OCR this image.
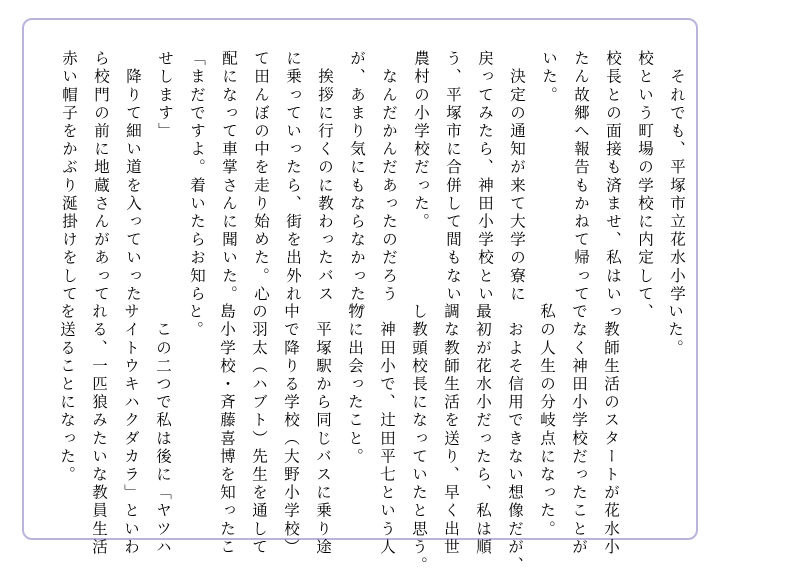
　それでも、平塚市立花水小学

校という町場の学校に内定して、

校長との面接も済ませ、私はいっ

たん故郷へ報告もかねて帰って

いた。

　決定の通知が来て大学の寮に

戻ってみたら、神田小学校とい

う、平塚市に合併して間もない

農村の小学校だった。

　なんだかんだあったのだろう

が、あまり気にもならなかった。

　挨拶に行くのに教わったバス

に乗っていったら、街を出外れ

て田んぼの中を走り始めた。心

配になって車掌さんに聞いた。

「まだですよ。着いたらお知ら

せします」

　降りて細い道を入っていった

ら校門の前に地蔵さんがあって

赤い帽子をかぶり涎掛けをして

いた。

　教師生活のスタートが花水小

でなく神田小学校だったことが

私の人生の分岐点になった。

　およそ信用できない想像だが、

最初が花水小だったら、私は順

調な教師生活を送り、早く出世

し教頭校長になっていたと思う。

　神田小で、辻田平七という人

物に出会ったこと。

　平塚駅から同じバスに乗り途

中で降りる学校（大野小学校）

の羽太（ハブト）先生を通して

島小学校・斉藤喜博を知ったこ

と。

　この二つで私は後に「ヤツハ

サイトウキハクダカラ」といわ

れる、一匹狼みたいな教員生活

を送ることになった。
